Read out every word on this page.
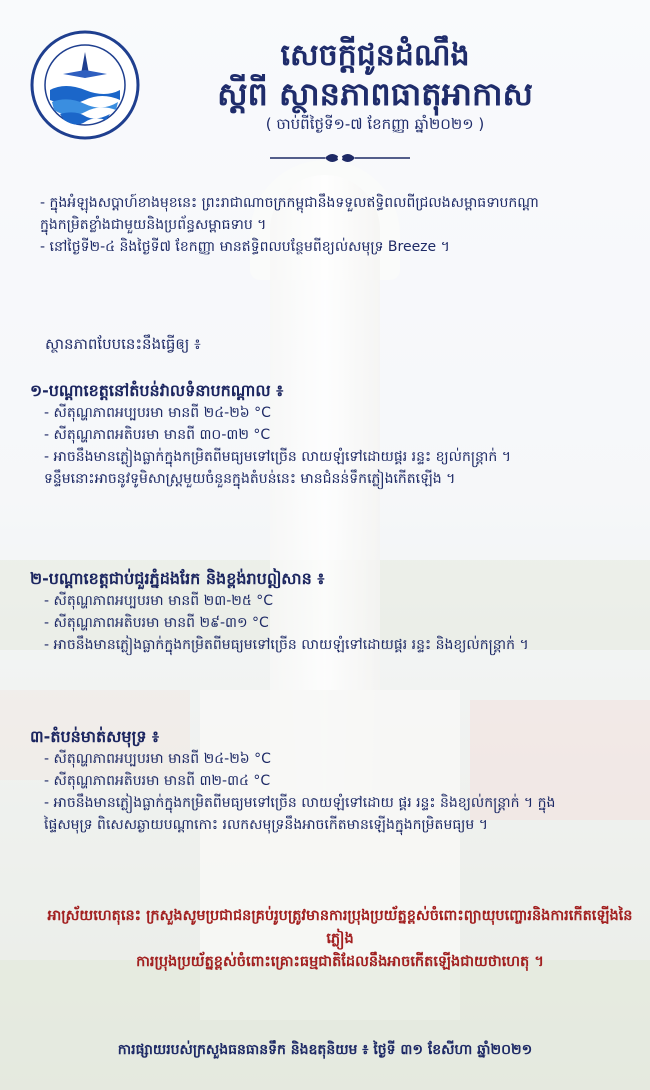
សេចក្តីជូនដំណឹង
ស្តីពី ស្ថានភាពធាតុអាកាស
( ចាប់ពីថ្ងៃទី១-៧ ខែកញ្ញា ឆ្នាំ២០២១ )
- ក្នុងអំឡុងសប្តាហ៍ខាងមុខនេះ ព្រះរាជាណាចក្រកម្ពុជានឹងទទួលឥទ្ធិពលពីជ្រលងសម្ពាធទាបកណ្តា
ក្នុងកម្រិតខ្លាំងជាមួយនិងប្រព័ន្ធសម្ពាធទាប ។
- នៅថ្ងៃទី២-៤ និងថ្ងៃទី៧ ខែកញ្ញា មានឥទ្ធិពលបន្ថែមពីខ្យល់សមុទ្រ Breeze ។
ស្ថានភាពបែបនេះនឹងធ្វើឲ្យ ៖
១-បណ្តាខេត្តនៅតំបន់វាលទំនាបកណ្តាល ៖
- សីតុណ្ហភាពអប្បបរមា មានពី ២៤-២៦ °C
- សីតុណ្ហភាពអតិបរមា មានពី ៣០-៣២ °C
- អាចនឹងមានភ្លៀងធ្លាក់ក្នុងកម្រិតពីមធ្យមទៅច្រើន លាយឡំទៅដោយផ្គរ រន្ទះ ខ្យល់កន្ត្រាក់ ។
ទន្ទឹមនោះអាចនូវទូមិសាស្ត្រមួយចំនួនក្នុងតំបន់នេះ មានជំនន់ទឹកភ្លៀងកើតឡើង ។
២-បណ្តាខេត្តជាប់ជួរភ្នំដងរែក និងខ្ពង់រាបឦសាន ៖
- សីតុណ្ហភាពអប្បបរមា មានពី ២៣-២៥ °C
- សីតុណ្ហភាពអតិបរមា មានពី ២៩-៣១ °C
- អាចនឹងមានភ្លៀងធ្លាក់ក្នុងកម្រិតពីមធ្យមទៅច្រើន លាយឡំទៅដោយផ្គរ រន្ទះ និងខ្យល់កន្ត្រាក់ ។
៣-តំបន់មាត់សមុទ្រ ៖
- សីតុណ្ហភាពអប្បបរមា មានពី ២៤-២៦ °C
- សីតុណ្ហភាពអតិបរមា មានពី ៣២-៣៤ °C
- អាចនឹងមានភ្លៀងធ្លាក់ក្នុងកម្រិតពីមធ្យមទៅច្រើន លាយឡំទៅដោយ ផ្គរ រន្ទះ និងខ្យល់កន្ត្រាក់ ។ ក្នុង
ផ្ទៃសមុទ្រ ពិសេសឆ្ងាយបណ្តាកោះ រលកសមុទ្រនឹងអាចកើតមានឡើងក្នុងកម្រិតមធ្យម ។
អាស្រ័យហេតុនេះ ក្រសួងសូមប្រជាជនគ្រប់រូបត្រូវមានការប្រុងប្រយ័ត្នខ្ពស់ចំពោះព្យាយុបញ្ចោរនិងការកើតឡើងនៃភ្លៀង
ការប្រុងប្រយ័ត្នខ្ពស់ចំពោះគ្រោះធម្មជាតិដែលនឹងអាចកើតឡើងជាយថាហេតុ ។
ការផ្សាយរបស់ក្រសួងធនធានទឹក និងឧតុនិយម ៖ ថ្ងៃទី ៣១ ខែសីហា ឆ្នាំ២០២១
